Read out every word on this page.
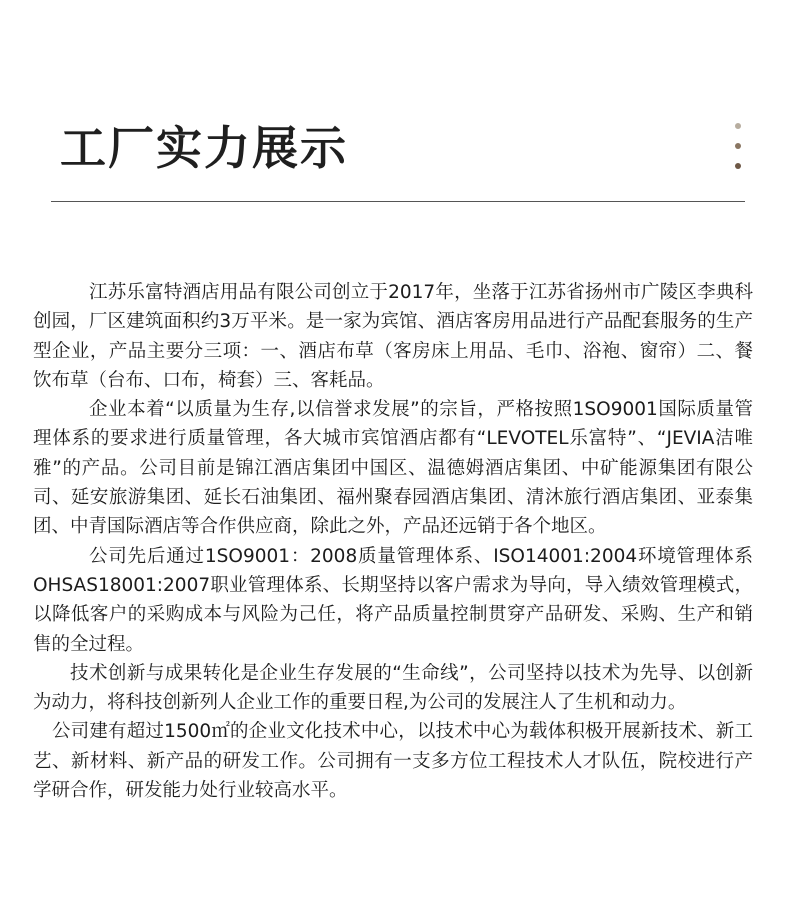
工厂实力展示

江苏乐富特酒店用品有限公司创立于2017年，坐落于江苏省扬州市广陵区李典科创园，厂区建筑面积约3万平米。是一家为宾馆、酒店客房用品进行产品配套服务的生产型企业，产品主要分三项：一、酒店布草（客房床上用品、毛巾、浴袍、窗帘）二、餐饮布草（台布、口布，椅套）三、客耗品。

企业本着“以质量为生存,以信誉求发展”的宗旨，严格按照1SO9001国际质量管理体系的要求进行质量管理，各大城市宾馆酒店都有“LEVOTEL乐富特”、“JEVIA洁唯雅”的产品。公司目前是锦江酒店集团中国区、温德姆酒店集团、中矿能源集团有限公司、延安旅游集团、延长石油集团、福州聚春园酒店集团、清沐旅行酒店集团、亚泰集团、中青国际酒店等合作供应商，除此之外，产品还远销于各个地区。

公司先后通过1SO9001：2008质量管理体系、ISO14001:2004环境管理体系OHSAS18001:2007职业管理体系、长期坚持以客户需求为导向，导入绩效管理模式，以降低客户的采购成本与风险为己任，将产品质量控制贯穿产品研发、采购、生产和销售的全过程。

技术创新与成果转化是企业生存发展的“生命线”，公司坚持以技术为先导、以创新为动力，将科技创新列人企业工作的重要日程,为公司的发展注人了生机和动力。

公司建有超过1500㎡的企业文化技术中心，以技术中心为载体积极开展新技术、新工艺、新材料、新产品的研发工作。公司拥有一支多方位工程技术人才队伍，院校进行产学研合作，研发能力处行业较高水平。
